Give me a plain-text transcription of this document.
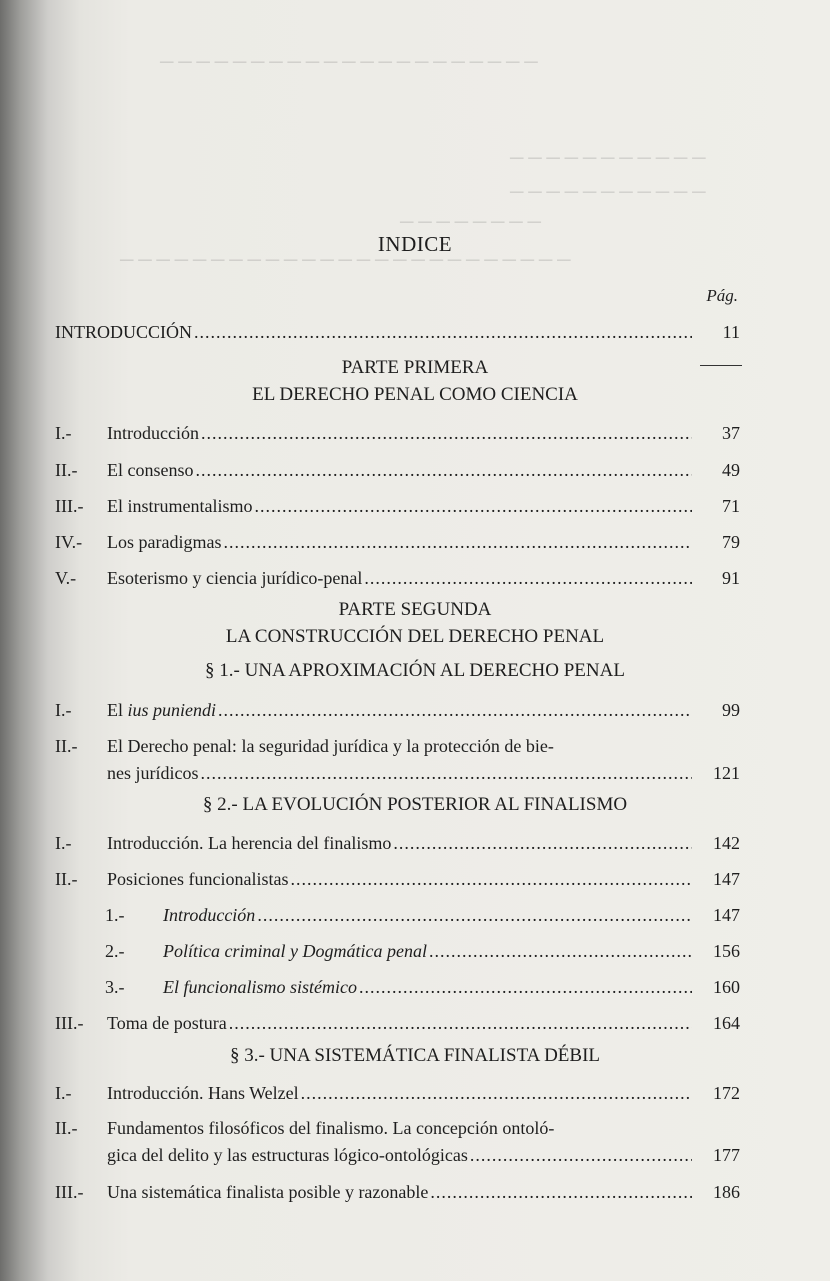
─ ─ ─ ─ ─ ─ ─ ─ ─ ─ ─ ─ ─ ─ ─ ─ ─ ─ ─ ─ ─
─ ─ ─ ─ ─ ─ ─ ─ ─ ─ ─
─ ─ ─ ─ ─ ─ ─ ─ ─ ─ ─
─ ─ ─ ─ ─ ─ ─ ─
─ ─ ─ ─ ─ ─ ─ ─ ─ ─ ─ ─ ─ ─ ─ ─ ─ ─ ─ ─ ─ ─ ─ ─ ─
INDICE
Pág.
INTRODUCCIÓN .....	11
PARTE PRIMERA
EL DERECHO PENAL COMO CIENCIA
I.-	Introducción .....	37
II.-	El consenso .....	49
III.-	El instrumentalismo .....	71
IV.-	Los paradigmas .....	79
V.-	Esoterismo y ciencia jurídico-penal .....	91
PARTE SEGUNDA
LA CONSTRUCCIÓN DEL DERECHO PENAL
§ 1.- UNA APROXIMACIÓN AL DERECHO PENAL
I.-	El ius puniendi .....	99
II.-	El Derecho penal: la seguridad jurídica y la protección de bie-
nes jurídicos .....	121
§ 2.- LA EVOLUCIÓN POSTERIOR AL FINALISMO
I.-	Introducción. La herencia del finalismo .....	142
II.-	Posiciones funcionalistas .....	147
1.-	Introducción .....	147
2.-	Política criminal y Dogmática penal .....	156
3.-	El funcionalismo sistémico .....	160
III.-	Toma de postura .....	164
§ 3.- UNA SISTEMÁTICA FINALISTA DÉBIL
I.-	Introducción. Hans Welzel .....	172
II.-	Fundamentos filosóficos del finalismo. La concepción ontoló-
gica del delito y las estructuras lógico-ontológicas .....	177
III.-	Una sistemática finalista posible y razonable .....	186
